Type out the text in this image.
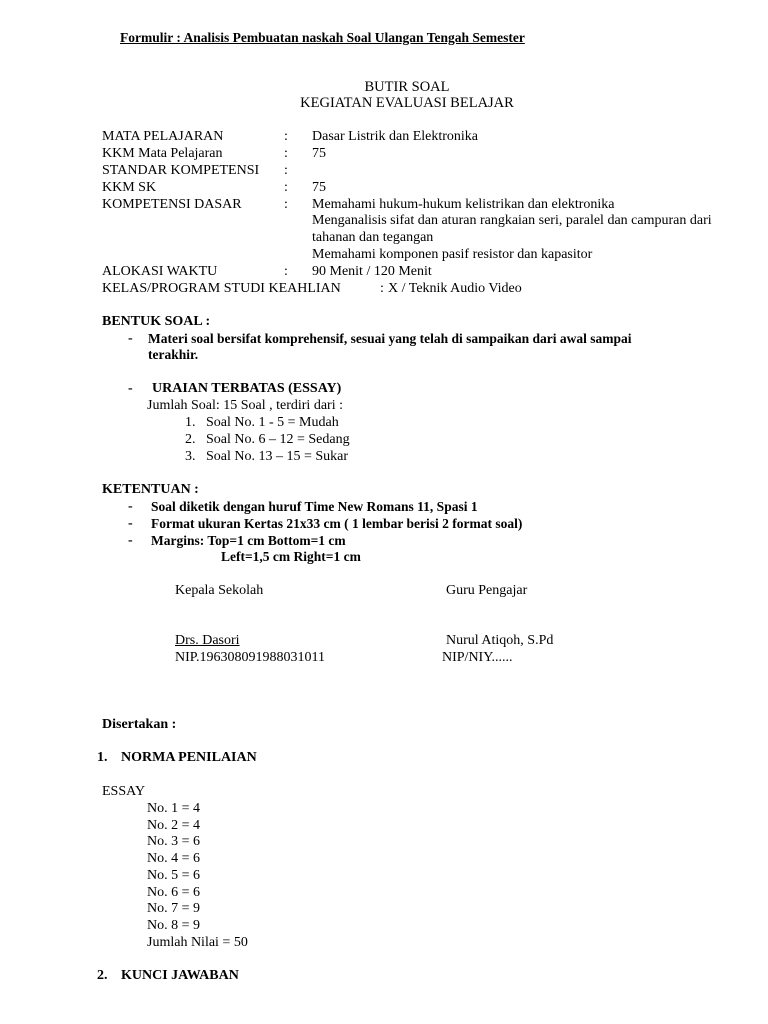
Formulir : Analisis Pembuatan naskah Soal Ulangan Tengah Semester
BUTIR SOAL
KEGIATAN EVALUASI BELAJAR
MATA PELAJARAN	: Dasar Listrik dan Elektronika
KKM Mata Pelajaran	: 75
STANDAR KOMPETENSI :
KKM SK	: 75
KOMPETENSI DASAR	: Memahami hukum-hukum kelistrikan dan elektronika
Menganalisis sifat dan aturan rangkaian seri, paralel dan campuran dari
tahanan dan tegangan
Memahami komponen pasif resistor dan kapasitor
ALOKASI WAKTU	: 90 Menit / 120 Menit
KELAS/PROGRAM STUDI KEAHLIAN	: X / Teknik Audio Video
BENTUK SOAL :
- Materi soal bersifat komprehensif, sesuai yang telah di sampaikan dari awal sampai
terakhir.
- URAIAN TERBATAS (ESSAY)
Jumlah Soal: 15 Soal , terdiri dari :
1. Soal No. 1 - 5 = Mudah
2. Soal No. 6 – 12 = Sedang
3. Soal No. 13 – 15 = Sukar
KETENTUAN :
- Soal diketik dengan huruf Time New Romans 11, Spasi 1
- Format ukuran Kertas 21x33 cm ( 1 lembar berisi 2 format soal)
- Margins: Top=1 cm Bottom=1 cm
Left=1,5 cm Right=1 cm
Kepala Sekolah	Guru Pengajar
Drs. Dasori	Nurul Atiqoh, S.Pd
NIP.196308091988031011	NIP/NIY......
Disertakan :
1. NORMA PENILAIAN
ESSAY
No. 1 = 4
No. 2 = 4
No. 3 = 6
No. 4 = 6
No. 5 = 6
No. 6 = 6
No. 7 = 9
No. 8 = 9
Jumlah Nilai = 50
2. KUNCI JAWABAN
